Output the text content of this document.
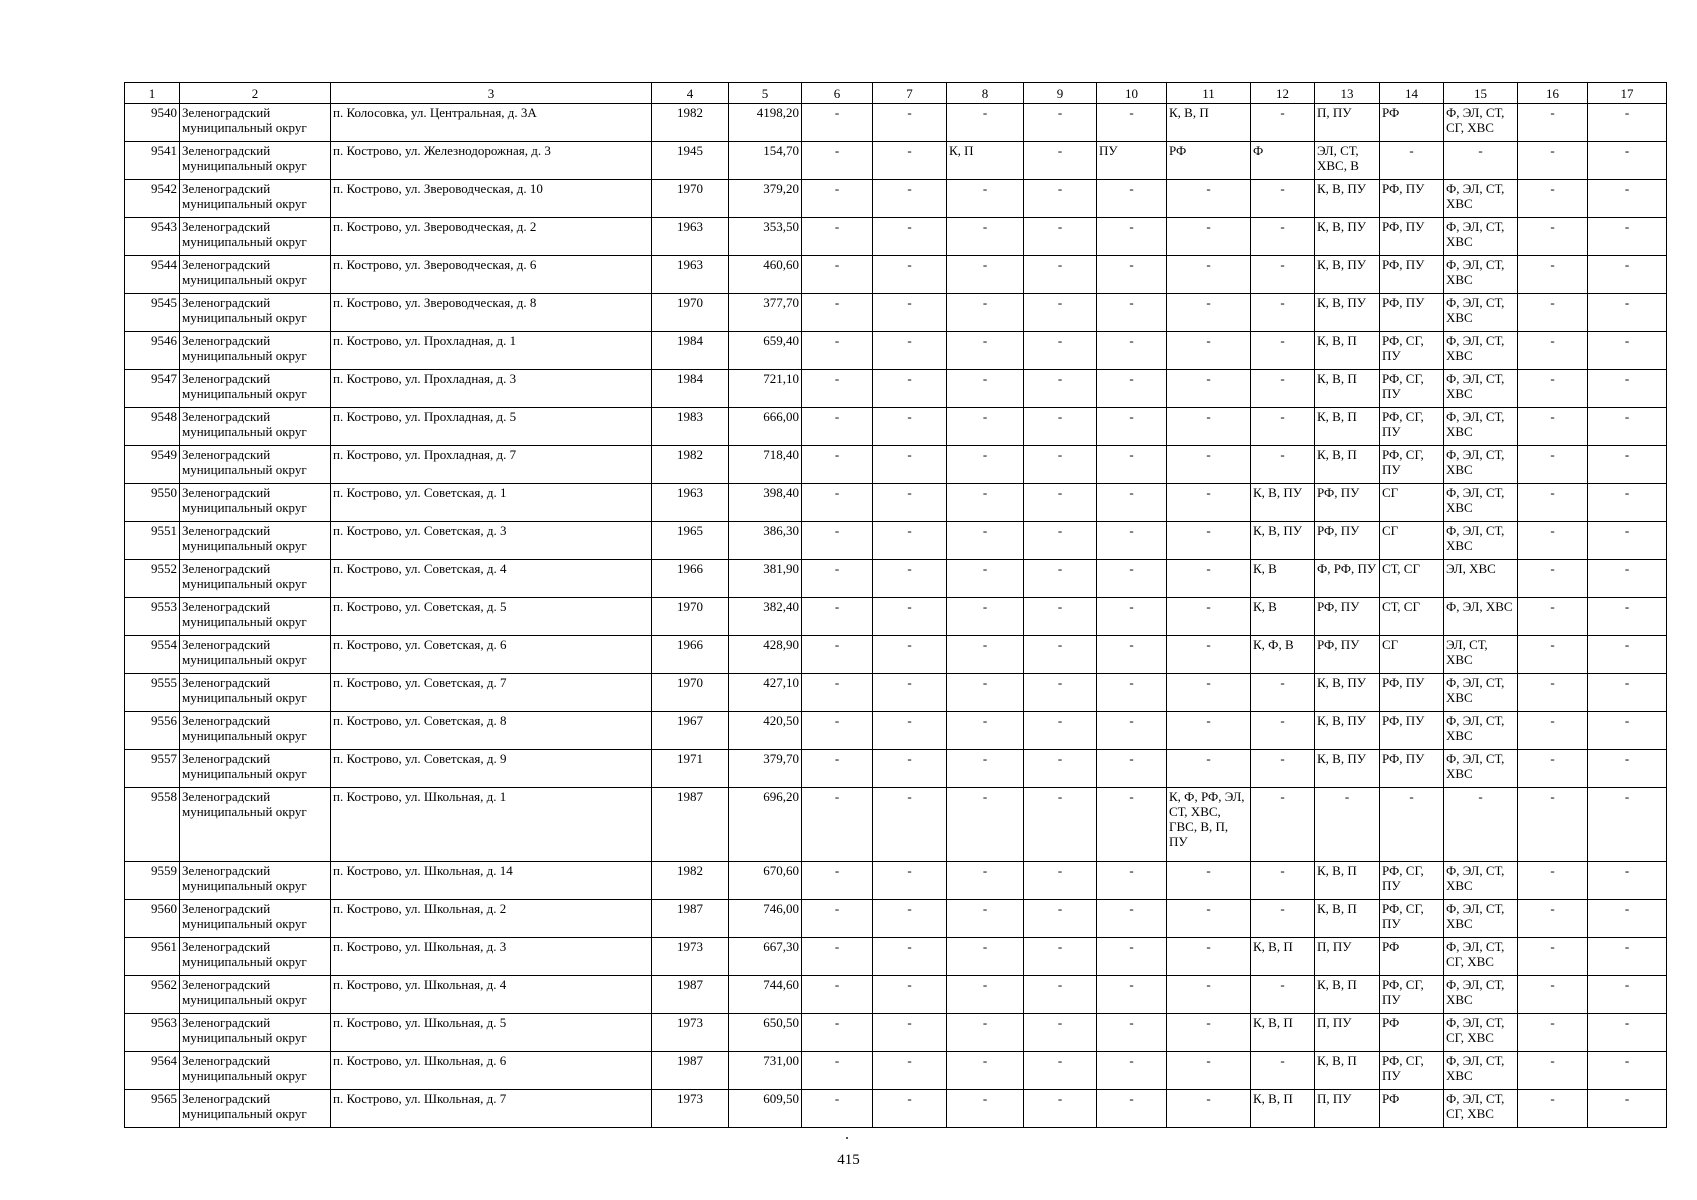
1	2	3	4	5	6	7	8	9	10	11	12	13	14	15	16	17
9540	Зеленоградский муниципальный округ	п. Колосовка, ул. Центральная, д. 3А	1982	4198,20	-	-	-	-	-	К, В, П	-	П, ПУ	РФ	Ф, ЭЛ, СТ, СГ, ХВС	-	-
9541	Зеленоградский муниципальный округ	п. Кострово, ул. Железнодорожная, д. 3	1945	154,70	-	-	К, П	-	ПУ	РФ	Ф	ЭЛ, СТ, ХВС, В	-	-	-	-
9542	Зеленоградский муниципальный округ	п. Кострово, ул. Звероводческая, д. 10	1970	379,20	-	-	-	-	-	-	-	К, В, ПУ	РФ, ПУ	Ф, ЭЛ, СТ, ХВС	-	-
9543	Зеленоградский муниципальный округ	п. Кострово, ул. Звероводческая, д. 2	1963	353,50	-	-	-	-	-	-	-	К, В, ПУ	РФ, ПУ	Ф, ЭЛ, СТ, ХВС	-	-
9544	Зеленоградский муниципальный округ	п. Кострово, ул. Звероводческая, д. 6	1963	460,60	-	-	-	-	-	-	-	К, В, ПУ	РФ, ПУ	Ф, ЭЛ, СТ, ХВС	-	-
9545	Зеленоградский муниципальный округ	п. Кострово, ул. Звероводческая, д. 8	1970	377,70	-	-	-	-	-	-	-	К, В, ПУ	РФ, ПУ	Ф, ЭЛ, СТ, ХВС	-	-
9546	Зеленоградский муниципальный округ	п. Кострово, ул. Прохладная, д. 1	1984	659,40	-	-	-	-	-	-	-	К, В, П	РФ, СГ, ПУ	Ф, ЭЛ, СТ, ХВС	-	-
9547	Зеленоградский муниципальный округ	п. Кострово, ул. Прохладная, д. 3	1984	721,10	-	-	-	-	-	-	-	К, В, П	РФ, СГ, ПУ	Ф, ЭЛ, СТ, ХВС	-	-
9548	Зеленоградский муниципальный округ	п. Кострово, ул. Прохладная, д. 5	1983	666,00	-	-	-	-	-	-	-	К, В, П	РФ, СГ, ПУ	Ф, ЭЛ, СТ, ХВС	-	-
9549	Зеленоградский муниципальный округ	п. Кострово, ул. Прохладная, д. 7	1982	718,40	-	-	-	-	-	-	-	К, В, П	РФ, СГ, ПУ	Ф, ЭЛ, СТ, ХВС	-	-
9550	Зеленоградский муниципальный округ	п. Кострово, ул. Советская, д. 1	1963	398,40	-	-	-	-	-	-	К, В, ПУ	РФ, ПУ	СГ	Ф, ЭЛ, СТ, ХВС	-	-
9551	Зеленоградский муниципальный округ	п. Кострово, ул. Советская, д. 3	1965	386,30	-	-	-	-	-	-	К, В, ПУ	РФ, ПУ	СГ	Ф, ЭЛ, СТ, ХВС	-	-
9552	Зеленоградский муниципальный округ	п. Кострово, ул. Советская, д. 4	1966	381,90	-	-	-	-	-	-	К, В	Ф, РФ, ПУ	СТ, СГ	ЭЛ, ХВС	-	-
9553	Зеленоградский муниципальный округ	п. Кострово, ул. Советская, д. 5	1970	382,40	-	-	-	-	-	-	К, В	РФ, ПУ	СТ, СГ	Ф, ЭЛ, ХВС	-	-
9554	Зеленоградский муниципальный округ	п. Кострово, ул. Советская, д. 6	1966	428,90	-	-	-	-	-	-	К, Ф, В	РФ, ПУ	СГ	ЭЛ, СТ, ХВС	-	-
9555	Зеленоградский муниципальный округ	п. Кострово, ул. Советская, д. 7	1970	427,10	-	-	-	-	-	-	-	К, В, ПУ	РФ, ПУ	Ф, ЭЛ, СТ, ХВС	-	-
9556	Зеленоградский муниципальный округ	п. Кострово, ул. Советская, д. 8	1967	420,50	-	-	-	-	-	-	-	К, В, ПУ	РФ, ПУ	Ф, ЭЛ, СТ, ХВС	-	-
9557	Зеленоградский муниципальный округ	п. Кострово, ул. Советская, д. 9	1971	379,70	-	-	-	-	-	-	-	К, В, ПУ	РФ, ПУ	Ф, ЭЛ, СТ, ХВС	-	-
9558	Зеленоградский муниципальный округ	п. Кострово, ул. Школьная, д. 1	1987	696,20	-	-	-	-	-	К, Ф, РФ, ЭЛ, СТ, ХВС, ГВС, В, П, ПУ	-	-	-	-	-	-
9559	Зеленоградский муниципальный округ	п. Кострово, ул. Школьная, д. 14	1982	670,60	-	-	-	-	-	-	-	К, В, П	РФ, СГ, ПУ	Ф, ЭЛ, СТ, ХВС	-	-
9560	Зеленоградский муниципальный округ	п. Кострово, ул. Школьная, д. 2	1987	746,00	-	-	-	-	-	-	-	К, В, П	РФ, СГ, ПУ	Ф, ЭЛ, СТ, ХВС	-	-
9561	Зеленоградский муниципальный округ	п. Кострово, ул. Школьная, д. 3	1973	667,30	-	-	-	-	-	-	К, В, П	П, ПУ	РФ	Ф, ЭЛ, СТ, СГ, ХВС	-	-
9562	Зеленоградский муниципальный округ	п. Кострово, ул. Школьная, д. 4	1987	744,60	-	-	-	-	-	-	-	К, В, П	РФ, СГ, ПУ	Ф, ЭЛ, СТ, ХВС	-	-
9563	Зеленоградский муниципальный округ	п. Кострово, ул. Школьная, д. 5	1973	650,50	-	-	-	-	-	-	К, В, П	П, ПУ	РФ	Ф, ЭЛ, СТ, СГ, ХВС	-	-
9564	Зеленоградский муниципальный округ	п. Кострово, ул. Школьная, д. 6	1987	731,00	-	-	-	-	-	-	-	К, В, П	РФ, СГ, ПУ	Ф, ЭЛ, СТ, ХВС	-	-
9565	Зеленоградский муниципальный округ	п. Кострово, ул. Школьная, д. 7	1973	609,50	-	-	-	-	-	-	К, В, П	П, ПУ	РФ	Ф, ЭЛ, СТ, СГ, ХВС	-	-
415
